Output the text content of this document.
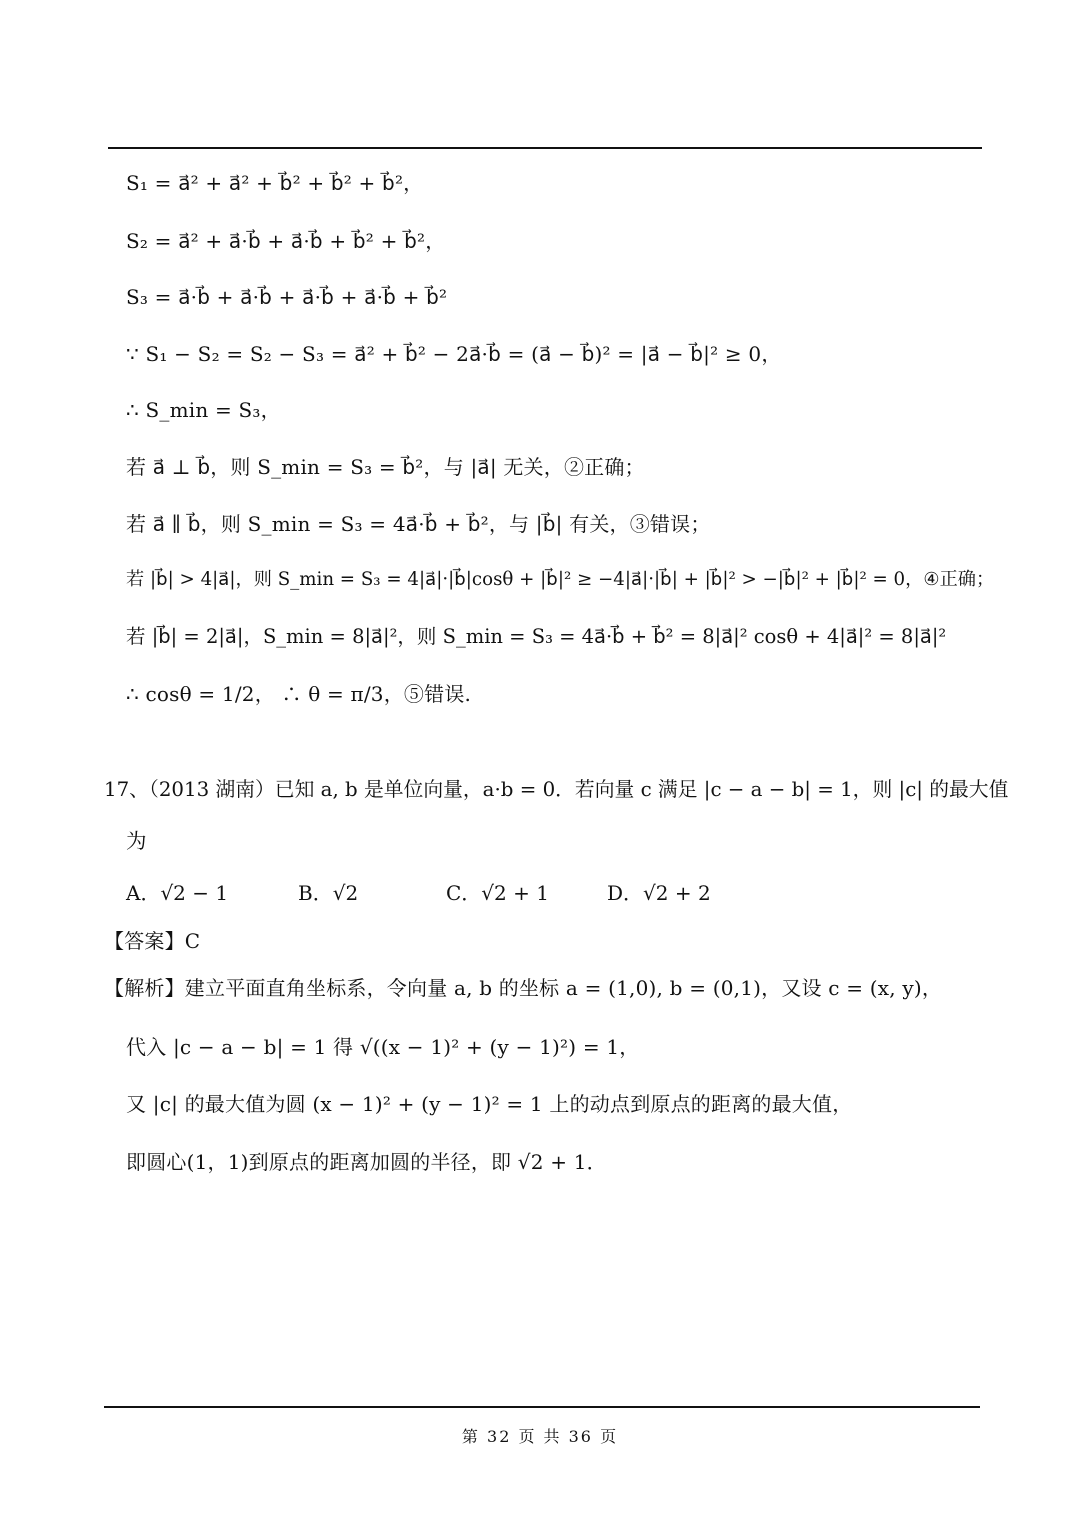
S₁ = a⃗² + a⃗² + b⃗² + b⃗² + b⃗²，
S₂ = a⃗² + a⃗·b⃗ + a⃗·b⃗ + b⃗² + b⃗²，
S₃ = a⃗·b⃗ + a⃗·b⃗ + a⃗·b⃗ + a⃗·b⃗ + b⃗²
∵ S₁ − S₂ = S₂ − S₃ = a⃗² + b⃗² − 2a⃗·b⃗ = (a⃗ − b⃗)² = |a⃗ − b⃗|² ≥ 0，
∴ S_min = S₃，
若 a⃗ ⊥ b⃗，则 S_min = S₃ = b⃗²，与 |a⃗| 无关，②正确；
若 a⃗ ∥ b⃗，则 S_min = S₃ = 4a⃗·b⃗ + b⃗²，与 |b⃗| 有关，③错误；
若 |b⃗| > 4|a⃗|，则 S_min = S₃ = 4|a⃗|·|b⃗|cosθ + |b⃗|² ≥ −4|a⃗|·|b⃗| + |b⃗|² > −|b⃗|² + |b⃗|² = 0，④正确；
若 |b⃗| = 2|a⃗|，S_min = 8|a⃗|²，则 S_min = S₃ = 4a⃗·b⃗ + b⃗² = 8|a⃗|² cosθ + 4|a⃗|² = 8|a⃗|²
∴ cosθ = 1/2， ∴ θ = π/3，⑤错误.
17、（2013 湖南）已知 a, b 是单位向量，a·b = 0．若向量 c 满足 |c − a − b| = 1，则 |c| 的最大值
为
A．√2 − 1	B．√2	C．√2 + 1	D．√2 + 2
【答案】C
【解析】建立平面直角坐标系，令向量 a, b 的坐标 a = (1,0), b = (0,1)，又设 c = (x, y)，
代入 |c − a − b| = 1 得 √((x − 1)² + (y − 1)²) = 1，
又 |c| 的最大值为圆 (x − 1)² + (y − 1)² = 1 上的动点到原点的距离的最大值，
即圆心(1，1)到原点的距离加圆的半径，即 √2 + 1．
第 32 页 共 36 页
